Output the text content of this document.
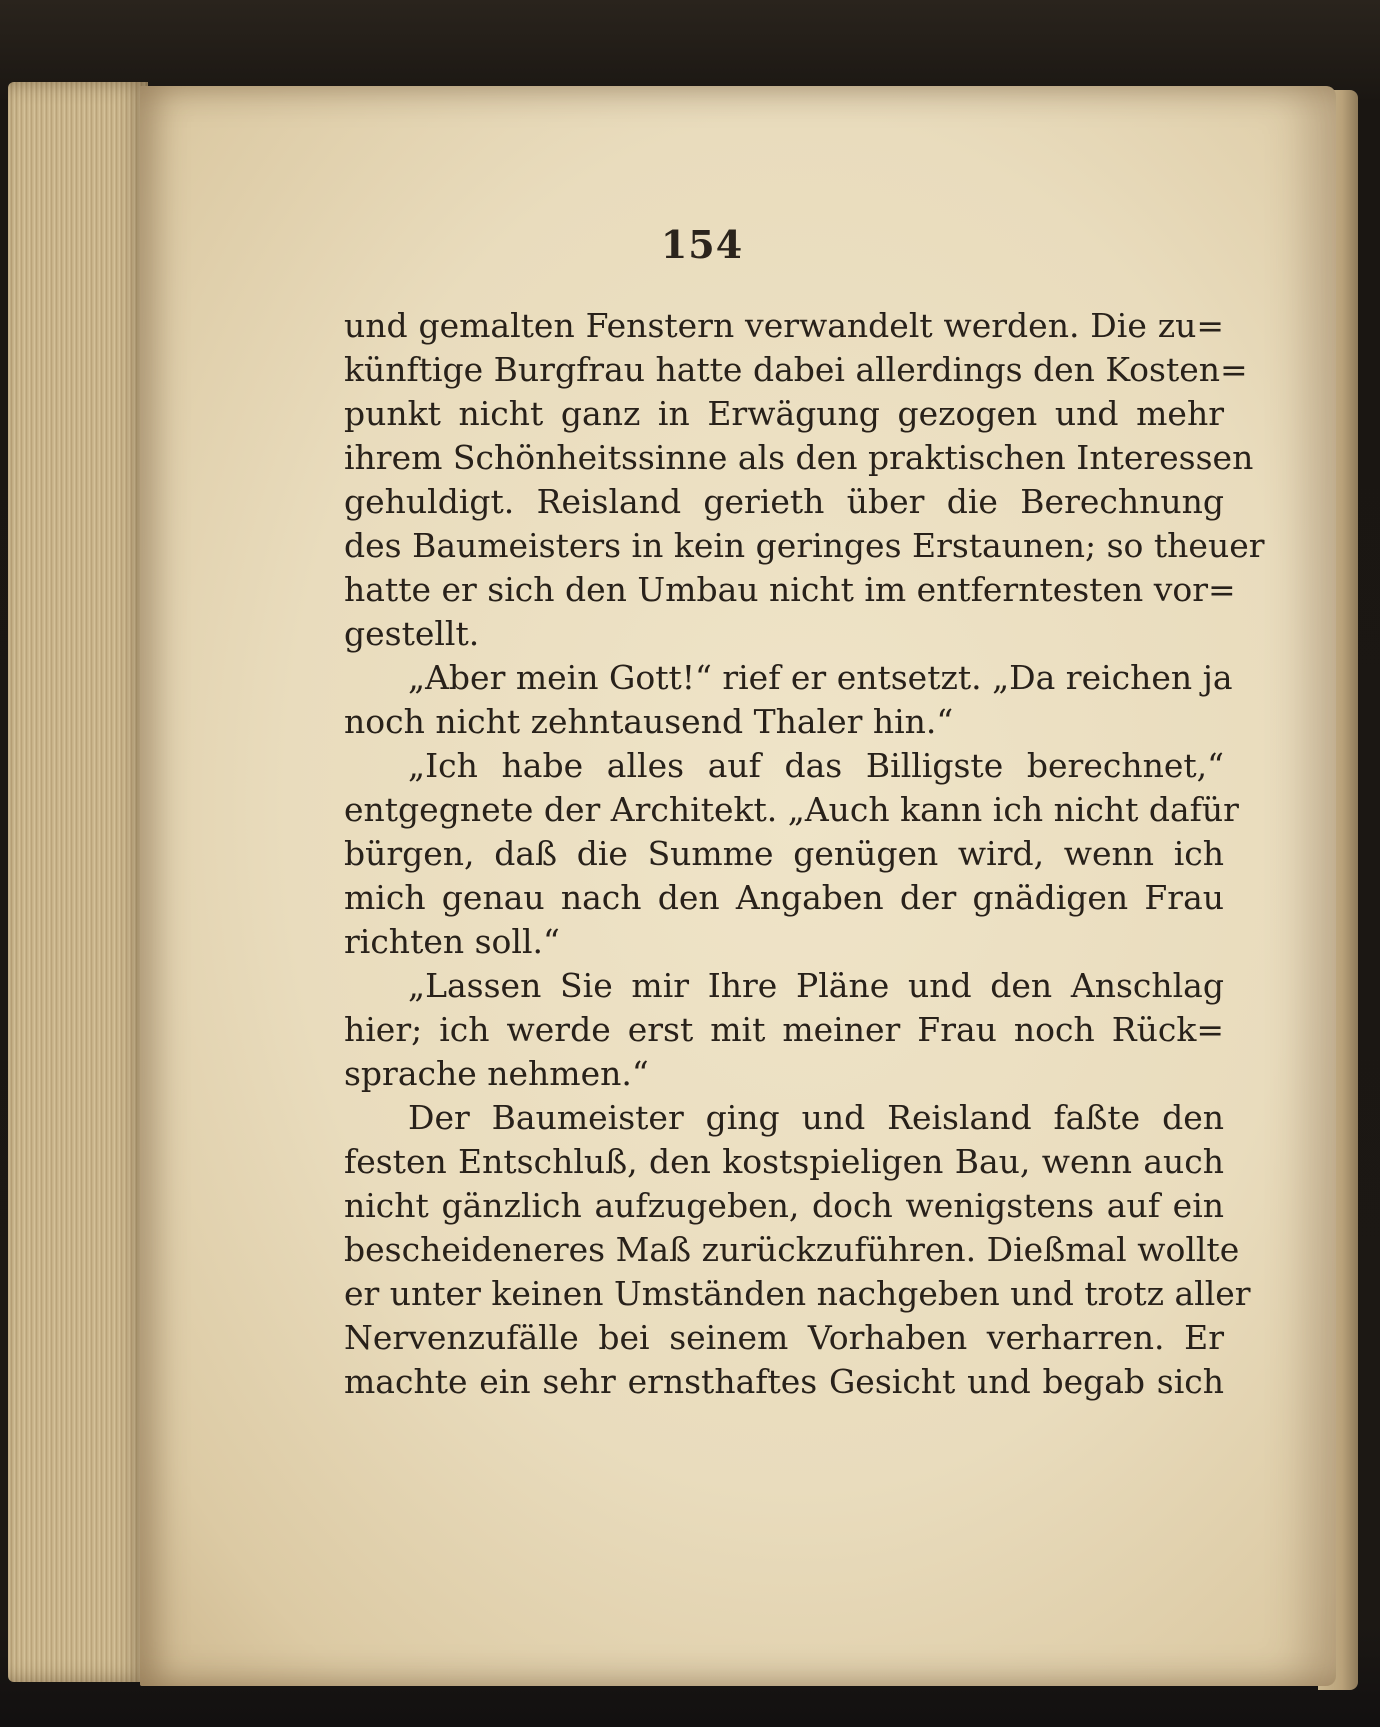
154
und gemalten Fenstern verwandelt werden. Die zu=
künftige Burgfrau hatte dabei allerdings den Kosten=
punkt nicht ganz in Erwägung gezogen und mehr
ihrem Schönheitssinne als den praktischen Interessen
gehuldigt. Reisland gerieth über die Berechnung
des Baumeisters in kein geringes Erstaunen; so theuer
hatte er sich den Umbau nicht im entferntesten vor=
gestellt.
„Aber mein Gott!“ rief er entsetzt. „Da reichen ja
noch nicht zehntausend Thaler hin.“
„Ich habe alles auf das Billigste berechnet,“
entgegnete der Architekt. „Auch kann ich nicht dafür
bürgen, daß die Summe genügen wird, wenn ich
mich genau nach den Angaben der gnädigen Frau
richten soll.“
„Lassen Sie mir Ihre Pläne und den Anschlag
hier; ich werde erst mit meiner Frau noch Rück=
sprache nehmen.“
Der Baumeister ging und Reisland faßte den
festen Entschluß, den kostspieligen Bau, wenn auch
nicht gänzlich aufzugeben, doch wenigstens auf ein
bescheideneres Maß zurückzuführen. Dießmal wollte
er unter keinen Umständen nachgeben und trotz aller
Nervenzufälle bei seinem Vorhaben verharren. Er
machte ein sehr ernsthaftes Gesicht und begab sich
